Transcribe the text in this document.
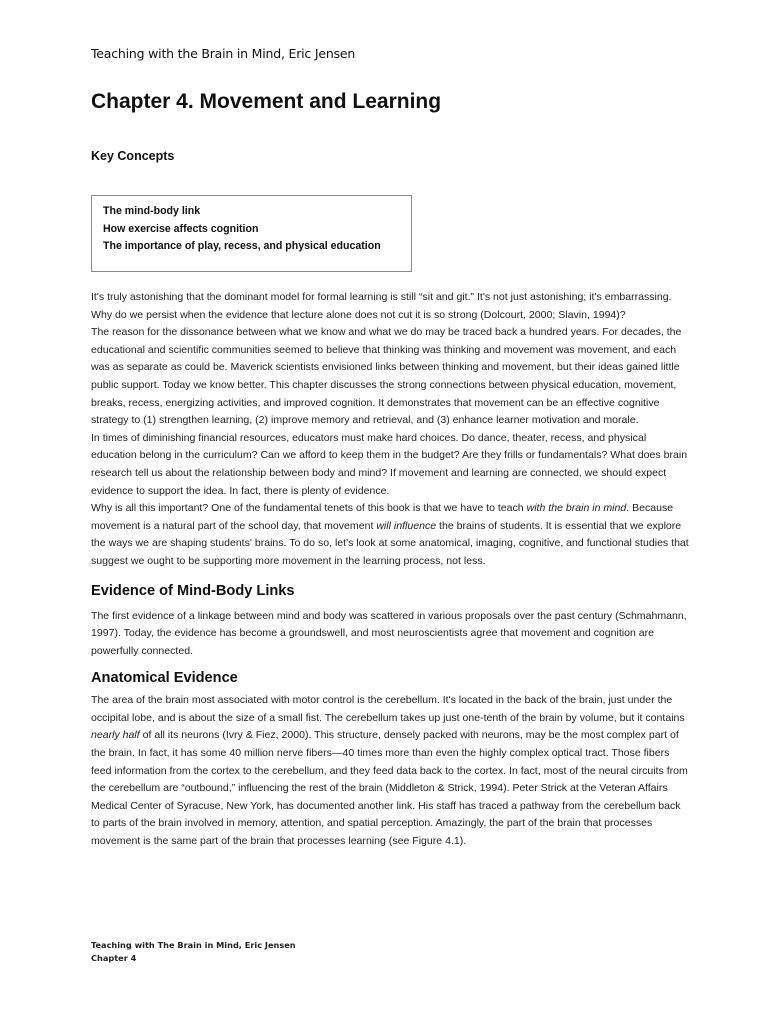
Teaching with the Brain in Mind, Eric Jensen
Chapter 4. Movement and Learning
Key Concepts
The mind-body link
How exercise affects cognition
The importance of play, recess, and physical education

It's truly astonishing that the dominant model for formal learning is still “sit and git.” It's not just astonishing; it's embarrassing. Why do we persist when the evidence that lecture alone does not cut it is so strong (Dolcourt, 2000; Slavin, 1994)?

The reason for the dissonance between what we know and what we do may be traced back a hundred years. For decades, the educational and scientific communities seemed to believe that thinking was thinking and movement was movement, and each was as separate as could be. Maverick scientists envisioned links between thinking and movement, but their ideas gained little public support. Today we know better. This chapter discusses the strong connections between physical education, movement, breaks, recess, energizing activities, and improved cognition. It demonstrates that movement can be an effective cognitive strategy to (1) strengthen learning, (2) improve memory and retrieval, and (3) enhance learner motivation and morale.

In times of diminishing financial resources, educators must make hard choices. Do dance, theater, recess, and physical education belong in the curriculum? Can we afford to keep them in the budget? Are they frills or fundamentals? What does brain research tell us about the relationship between body and mind? If movement and learning are connected, we should expect evidence to support the idea. In fact, there is plenty of evidence.

Why is all this important? One of the fundamental tenets of this book is that we have to teach with the brain in mind. Because movement is a natural part of the school day, that movement will influence the brains of students. It is essential that we explore the ways we are shaping students' brains. To do so, let's look at some anatomical, imaging, cognitive, and functional studies that suggest we ought to be supporting more movement in the learning process, not less.

Evidence of Mind-Body Links

The first evidence of a linkage between mind and body was scattered in various proposals over the past century (Schmahmann, 1997). Today, the evidence has become a groundswell, and most neuroscientists agree that movement and cognition are powerfully connected.

Anatomical Evidence

The area of the brain most associated with motor control is the cerebellum. It's located in the back of the brain, just under the occipital lobe, and is about the size of a small fist. The cerebellum takes up just one-tenth of the brain by volume, but it contains nearly half of all its neurons (Ivry & Fiez, 2000). This structure, densely packed with neurons, may be the most complex part of the brain. In fact, it has some 40 million nerve fibers—40 times more than even the highly complex optical tract. Those fibers feed information from the cortex to the cerebellum, and they feed data back to the cortex. In fact, most of the neural circuits from the cerebellum are “outbound,” influencing the rest of the brain (Middleton & Strick, 1994). Peter Strick at the Veteran Affairs Medical Center of Syracuse, New York, has documented another link. His staff has traced a pathway from the cerebellum back to parts of the brain involved in memory, attention, and spatial perception. Amazingly, the part of the brain that processes movement is the same part of the brain that processes learning (see Figure 4.1).

Teaching with The Brain in Mind, Eric Jensen
Chapter 4
